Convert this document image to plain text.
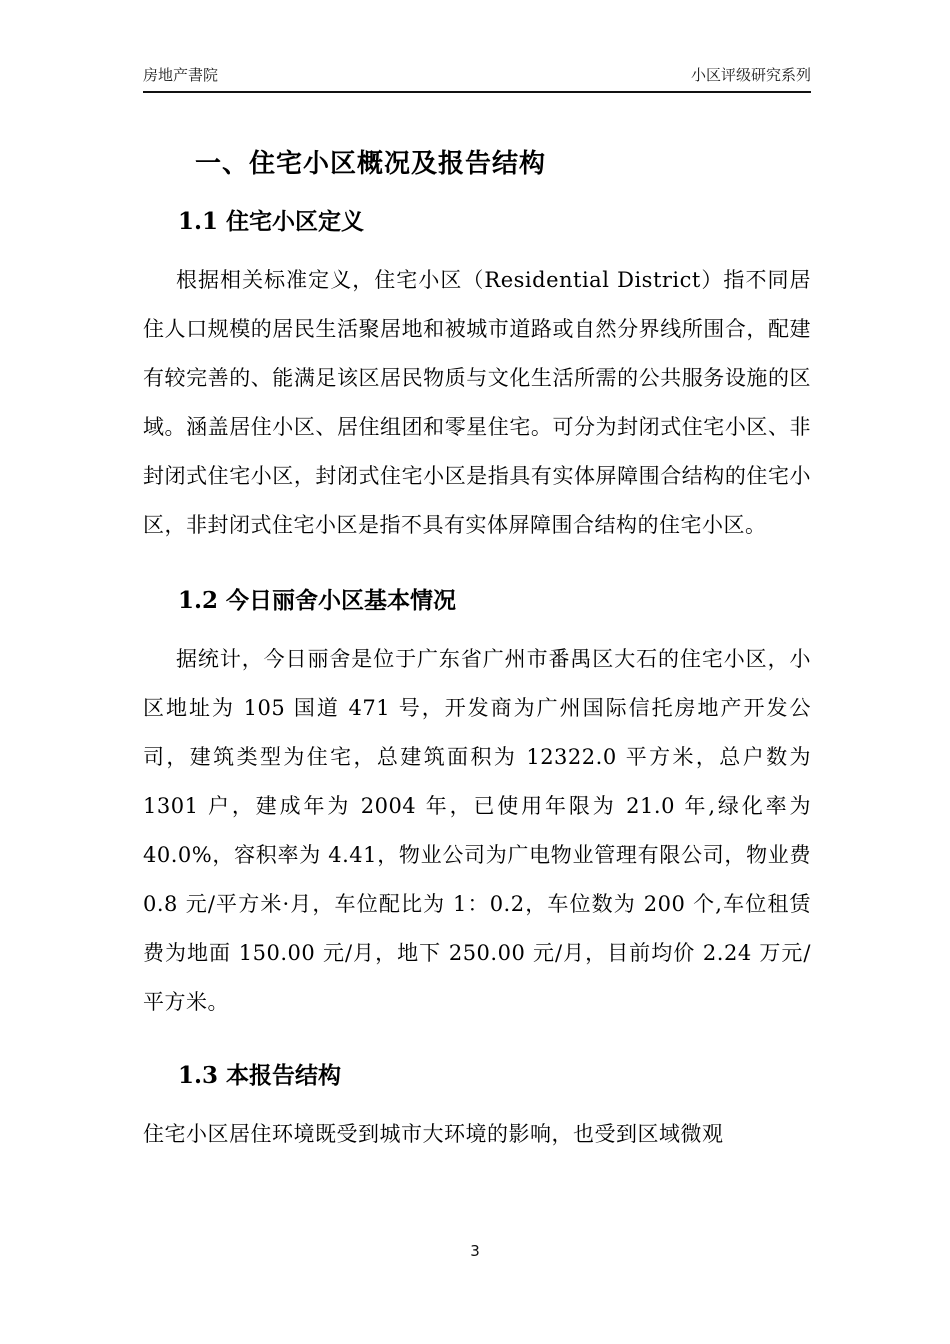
房地产書院	小区评级研究系列
一、住宅小区概况及报告结构
1.1 住宅小区定义
根据相关标准定义，住宅小区（Residential District）指不同居住人口规模的居民生活聚居地和被城市道路或自然分界线所围合，配建有较完善的、能满足该区居民物质与文化生活所需的公共服务设施的区域。涵盖居住小区、居住组团和零星住宅。可分为封闭式住宅小区、非封闭式住宅小区，封闭式住宅小区是指具有实体屏障围合结构的住宅小区，非封闭式住宅小区是指不具有实体屏障围合结构的住宅小区。
1.2 今日丽舍小区基本情况
据统计，今日丽舍是位于广东省广州市番禺区大石的住宅小区，小区地址为 105 国道 471 号，开发商为广州国际信托房地产开发公司，建筑类型为住宅，总建筑面积为 12322.0 平方米，总户数为 1301 户，建成年为 2004 年，已使用年限为 21.0 年,绿化率为 40.0%，容积率为 4.41，物业公司为广电物业管理有限公司，物业费 0.8 元/平方米·月，车位配比为 1：0.2，车位数为 200 个,车位租赁费为地面 150.00 元/月，地下 250.00 元/月，目前均价 2.24 万元/平方米。
1.3 本报告结构
住宅小区居住环境既受到城市大环境的影响，也受到区域微观
3
